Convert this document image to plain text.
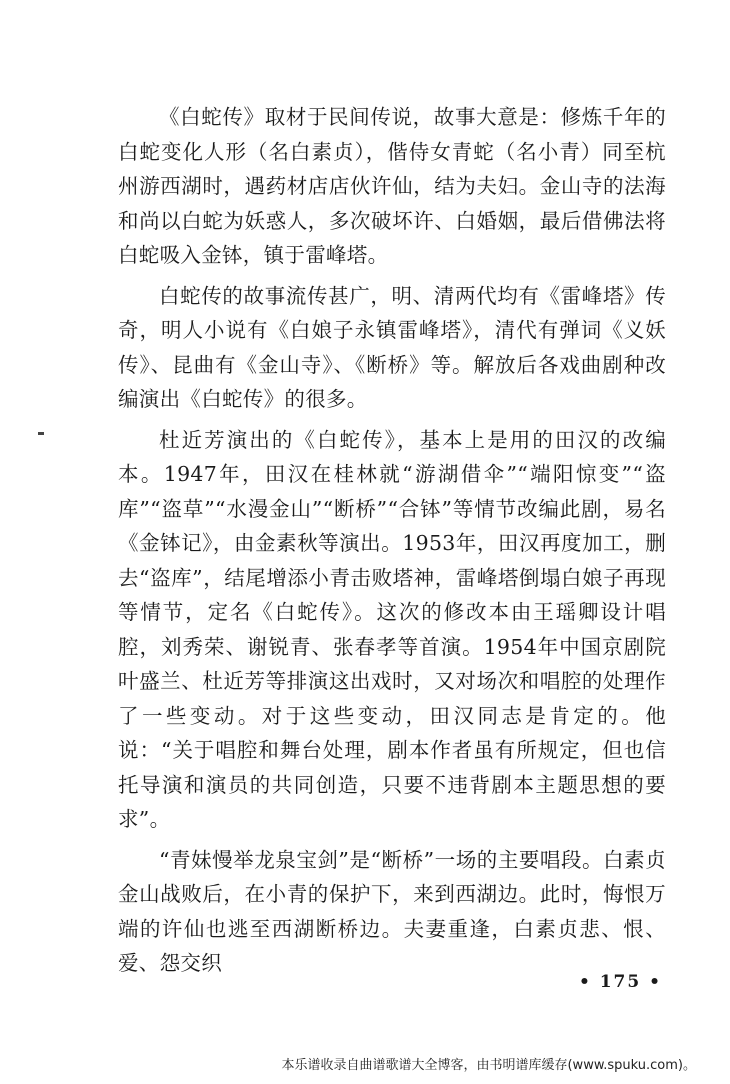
《白蛇传》取材于民间传说，故事大意是：修炼千年的白蛇变化人形（名白素贞），偕侍女青蛇（名小青）同至杭州游西湖时，遇药材店店伙许仙，结为夫妇。金山寺的法海和尚以白蛇为妖惑人，多次破坏许、白婚姻，最后借佛法将白蛇吸入金钵，镇于雷峰塔。

白蛇传的故事流传甚广，明、清两代均有《雷峰塔》传奇，明人小说有《白娘子永镇雷峰塔》，清代有弹词《义妖传》、昆曲有《金山寺》、《断桥》等。解放后各戏曲剧种改编演出《白蛇传》的很多。

杜近芳演出的《白蛇传》，基本上是用的田汉的改编本。1947年，田汉在桂林就“游湖借伞”“端阳惊变”“盗库”“盗草”“水漫金山”“断桥”“合钵”等情节改编此剧，易名《金钵记》，由金素秋等演出。1953年，田汉再度加工，删去“盗库”，结尾增添小青击败塔神，雷峰塔倒塌白娘子再现等情节，定名《白蛇传》。这次的修改本由王瑶卿设计唱腔，刘秀荣、谢锐青、张春孝等首演。1954年中国京剧院叶盛兰、杜近芳等排演这出戏时，又对场次和唱腔的处理作了一些变动。对于这些变动，田汉同志是肯定的。他说：“关于唱腔和舞台处理，剧本作者虽有所规定，但也信托导演和演员的共同创造，只要不违背剧本主题思想的要求”。

“青妹慢举龙泉宝剑”是“断桥”一场的主要唱段。白素贞金山战败后，在小青的保护下，来到西湖边。此时，悔恨万端的许仙也逃至西湖断桥边。夫妻重逢，白素贞悲、恨、爱、怨交织

• 175 •
本乐谱收录自曲谱歌谱大全博客，由书明谱库缓存(www.spuku.com)。
